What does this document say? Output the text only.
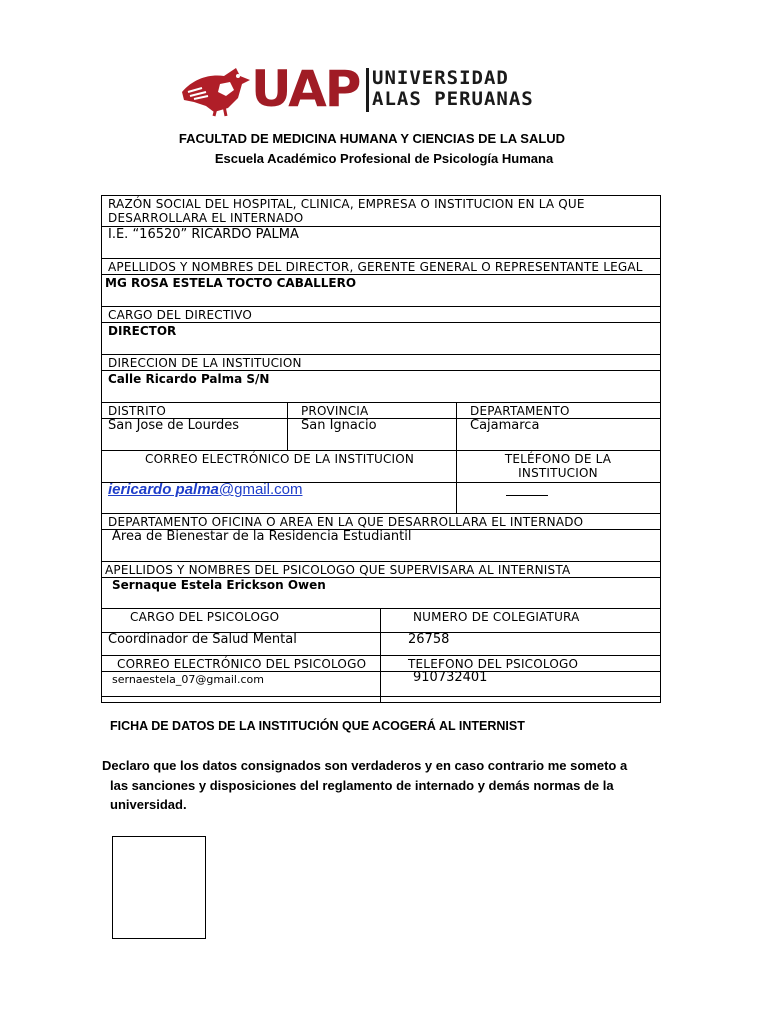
UAP UNIVERSIDAD
ALAS PERUANAS
FACULTAD DE MEDICINA HUMANA Y CIENCIAS DE LA SALUD
Escuela Académico Profesional de Psicología Humana
RAZÓN SOCIAL DEL HOSPITAL, CLINICA, EMPRESA O INSTITUCION EN LA QUE
DESARROLLARA EL INTERNADO
I.E. “16520” RICARDO PALMA
APELLIDOS Y NOMBRES DEL DIRECTOR, GERENTE GENERAL O REPRESENTANTE LEGAL
MG ROSA ESTELA TOCTO CABALLERO
CARGO DEL DIRECTIVO
DIRECTOR
DIRECCION DE LA INSTITUCION
Calle Ricardo Palma S/N
DISTRITO	PROVINCIA	DEPARTAMENTO
San Jose de Lourdes	San Ignacio	Cajamarca
CORREO ELECTRÓNICO DE LA INSTITUCION	TELÉFONO DE LA
INSTITUCION
iericardo palma@gmail.com
DEPARTAMENTO OFICINA O AREA EN LA QUE DESARROLLARA EL INTERNADO
Area de Bienestar de la Residencia Estudiantil
APELLIDOS Y NOMBRES DEL PSICOLOGO QUE SUPERVISARA AL INTERNISTA
Sernaque Estela Erickson Owen
CARGO DEL PSICOLOGO	NUMERO DE COLEGIATURA
Coordinador de Salud Mental	26758
CORREO ELECTRÓNICO DEL PSICOLOGO	TELEFONO DEL PSICOLOGO
sernaestela_07@gmail.com	910732401
FICHA DE DATOS DE LA INSTITUCIÓN QUE ACOGERÁ AL INTERNIST
Declaro que los datos consignados son verdaderos y en caso contrario me someto a
las sanciones y disposiciones del reglamento de internado y demás normas de la
universidad.
